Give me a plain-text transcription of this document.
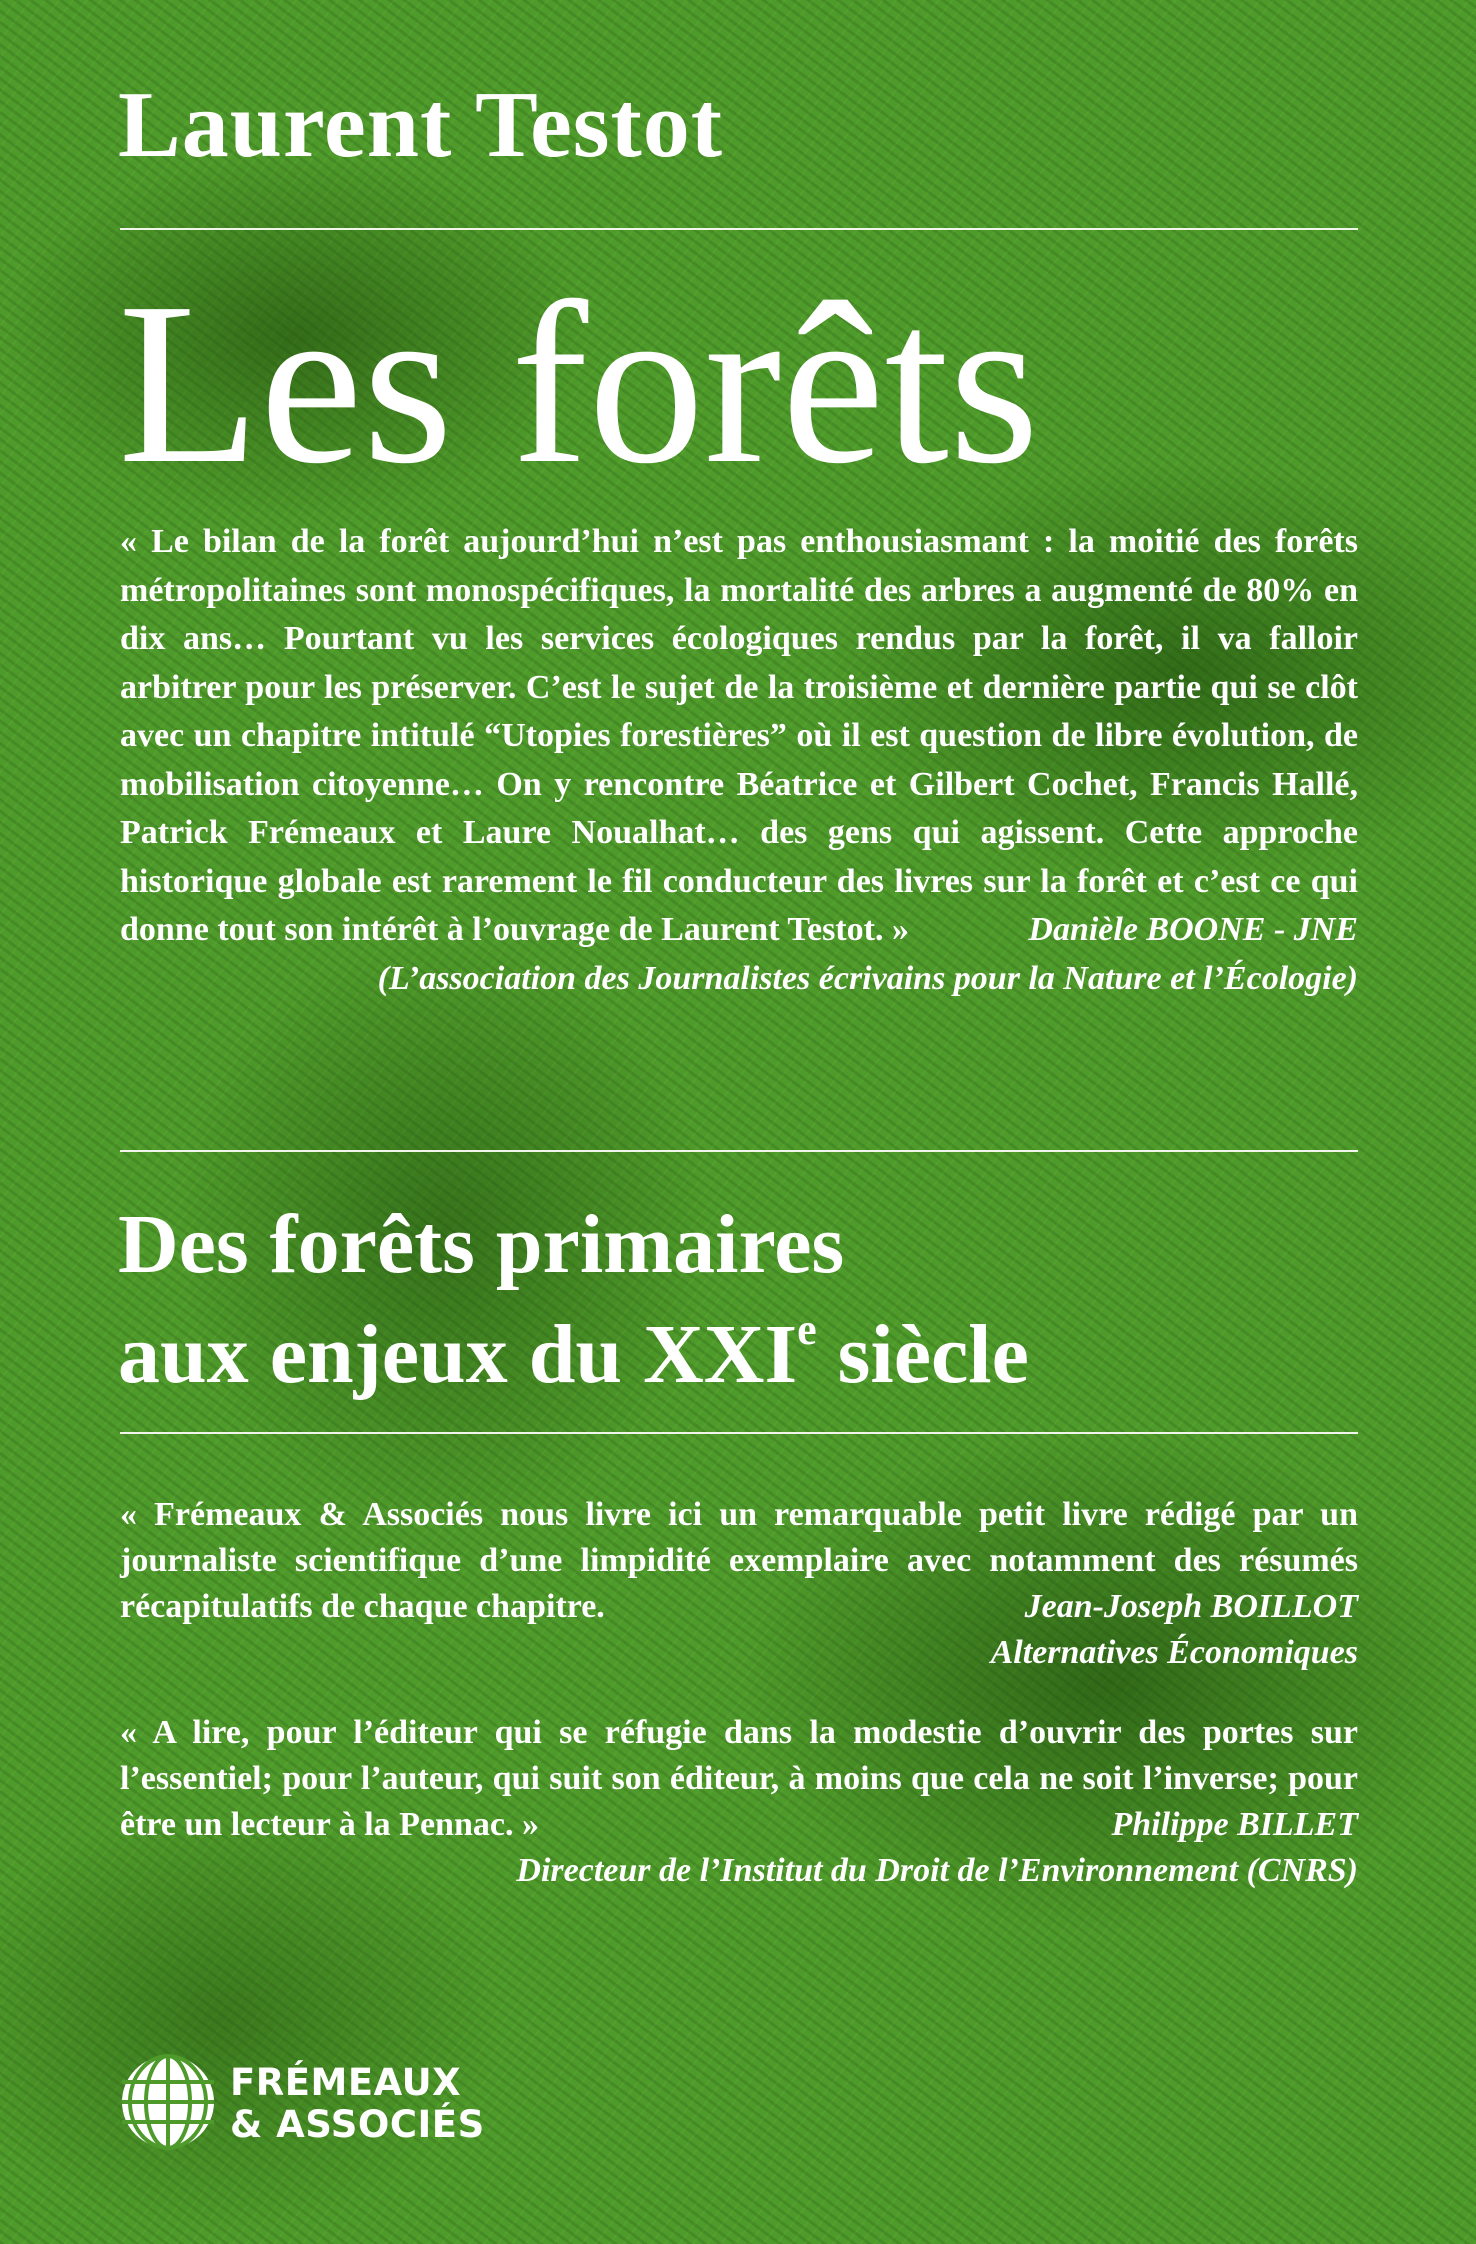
Laurent Testot
Les forêts

« Le bilan de la forêt aujourd’hui n’est pas enthousiasmant : la moitié des forêts métropolitaines sont monospécifiques, la mortalité des arbres a augmenté de 80% en dix ans… Pourtant vu les services écologiques rendus par la forêt, il va falloir arbitrer pour les préserver. C’est le sujet de la troisième et dernière partie qui se clôt avec un chapitre intitulé “Utopies forestières” où il est question de libre évolution, de mobilisation citoyenne… On y rencontre Béatrice et Gilbert Cochet, Francis Hallé, Patrick Frémeaux et Laure Noualhat… des gens qui agissent. Cette approche historique globale est rarement le fil conducteur des livres sur la forêt et c’est ce qui donne tout son intérêt à l’ouvrage de Laurent Testot. »	Danièle BOONE - JNE
(L’association des Journalistes écrivains pour la Nature et l’Écologie)

Des forêts primaires
aux enjeux du XXIe siècle

« Frémeaux & Associés nous livre ici un remarquable petit livre rédigé par un journaliste scientifique d’une limpidité exemplaire avec notamment des résumés récapitulatifs de chaque chapitre.	Jean-Joseph BOILLOT
Alternatives Économiques

« A lire, pour l’éditeur qui se réfugie dans la modestie d’ouvrir des portes sur l’essentiel; pour l’auteur, qui suit son éditeur, à moins que cela ne soit l’inverse; pour être un lecteur à la Pennac. »	Philippe BILLET
Directeur de l’Institut du Droit de l’Environnement (CNRS)

FRÉMEAUX
& ASSOCIÉS
